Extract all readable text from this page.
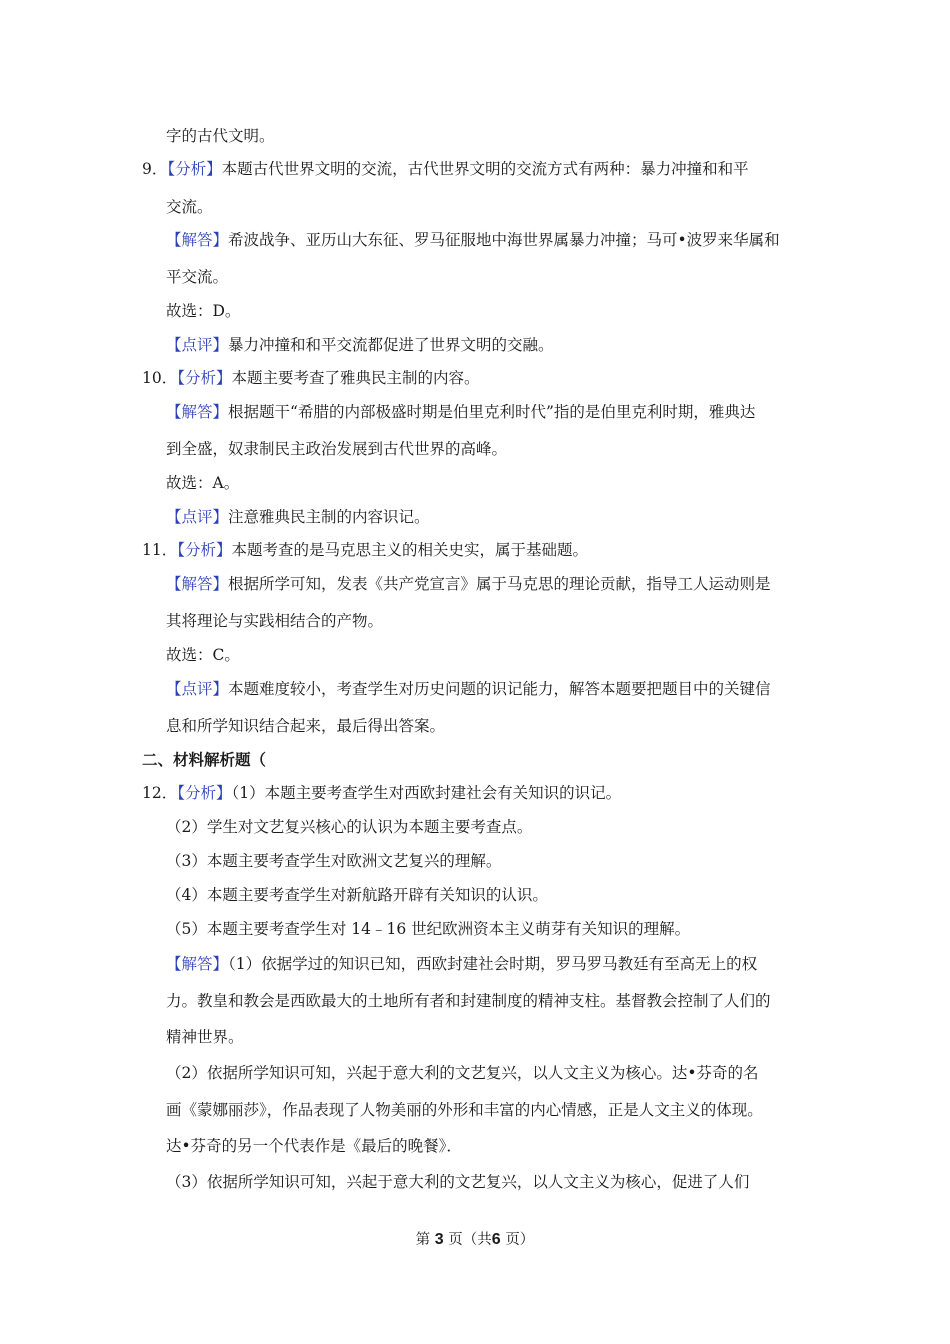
字的古代文明。
9．【分析】本题古代世界文明的交流，古代世界文明的交流方式有两种：暴力冲撞和和平
交流。
【解答】希波战争、亚历山大东征、罗马征服地中海世界属暴力冲撞；马可•波罗来华属和
平交流。
故选：D。
【点评】暴力冲撞和和平交流都促进了世界文明的交融。
10．【分析】本题主要考查了雅典民主制的内容。
【解答】根据题干“希腊的内部极盛时期是伯里克利时代”指的是伯里克利时期，雅典达
到全盛，奴隶制民主政治发展到古代世界的高峰。
故选：A。
【点评】注意雅典民主制的内容识记。
11．【分析】本题考查的是马克思主义的相关史实，属于基础题。
【解答】根据所学可知，发表《共产党宣言》属于马克思的理论贡献，指导工人运动则是
其将理论与实践相结合的产物。
故选：C。
【点评】本题难度较小，考查学生对历史问题的识记能力，解答本题要把题目中的关键信
息和所学知识结合起来，最后得出答案。
二、材料解析题（
12．【分析】（1）本题主要考查学生对西欧封建社会有关知识的识记。
（2）学生对文艺复兴核心的认识为本题主要考查点。
（3）本题主要考查学生对欧洲文艺复兴的理解。
（4）本题主要考查学生对新航路开辟有关知识的认识。
（5）本题主要考查学生对 14﹣16 世纪欧洲资本主义萌芽有关知识的理解。
【解答】（1）依据学过的知识已知，西欧封建社会时期，罗马罗马教廷有至高无上的权
力。教皇和教会是西欧最大的土地所有者和封建制度的精神支柱。基督教会控制了人们的
精神世界。
（2）依据所学知识可知，兴起于意大利的文艺复兴，以人文主义为核心。达•芬奇的名
画《蒙娜丽莎》，作品表现了人物美丽的外形和丰富的内心情感，正是人文主义的体现。
达•芬奇的另一个代表作是《最后的晚餐》．
（3）依据所学知识可知，兴起于意大利的文艺复兴，以人文主义为核心，促进了人们
第 3 页（共6 页）
